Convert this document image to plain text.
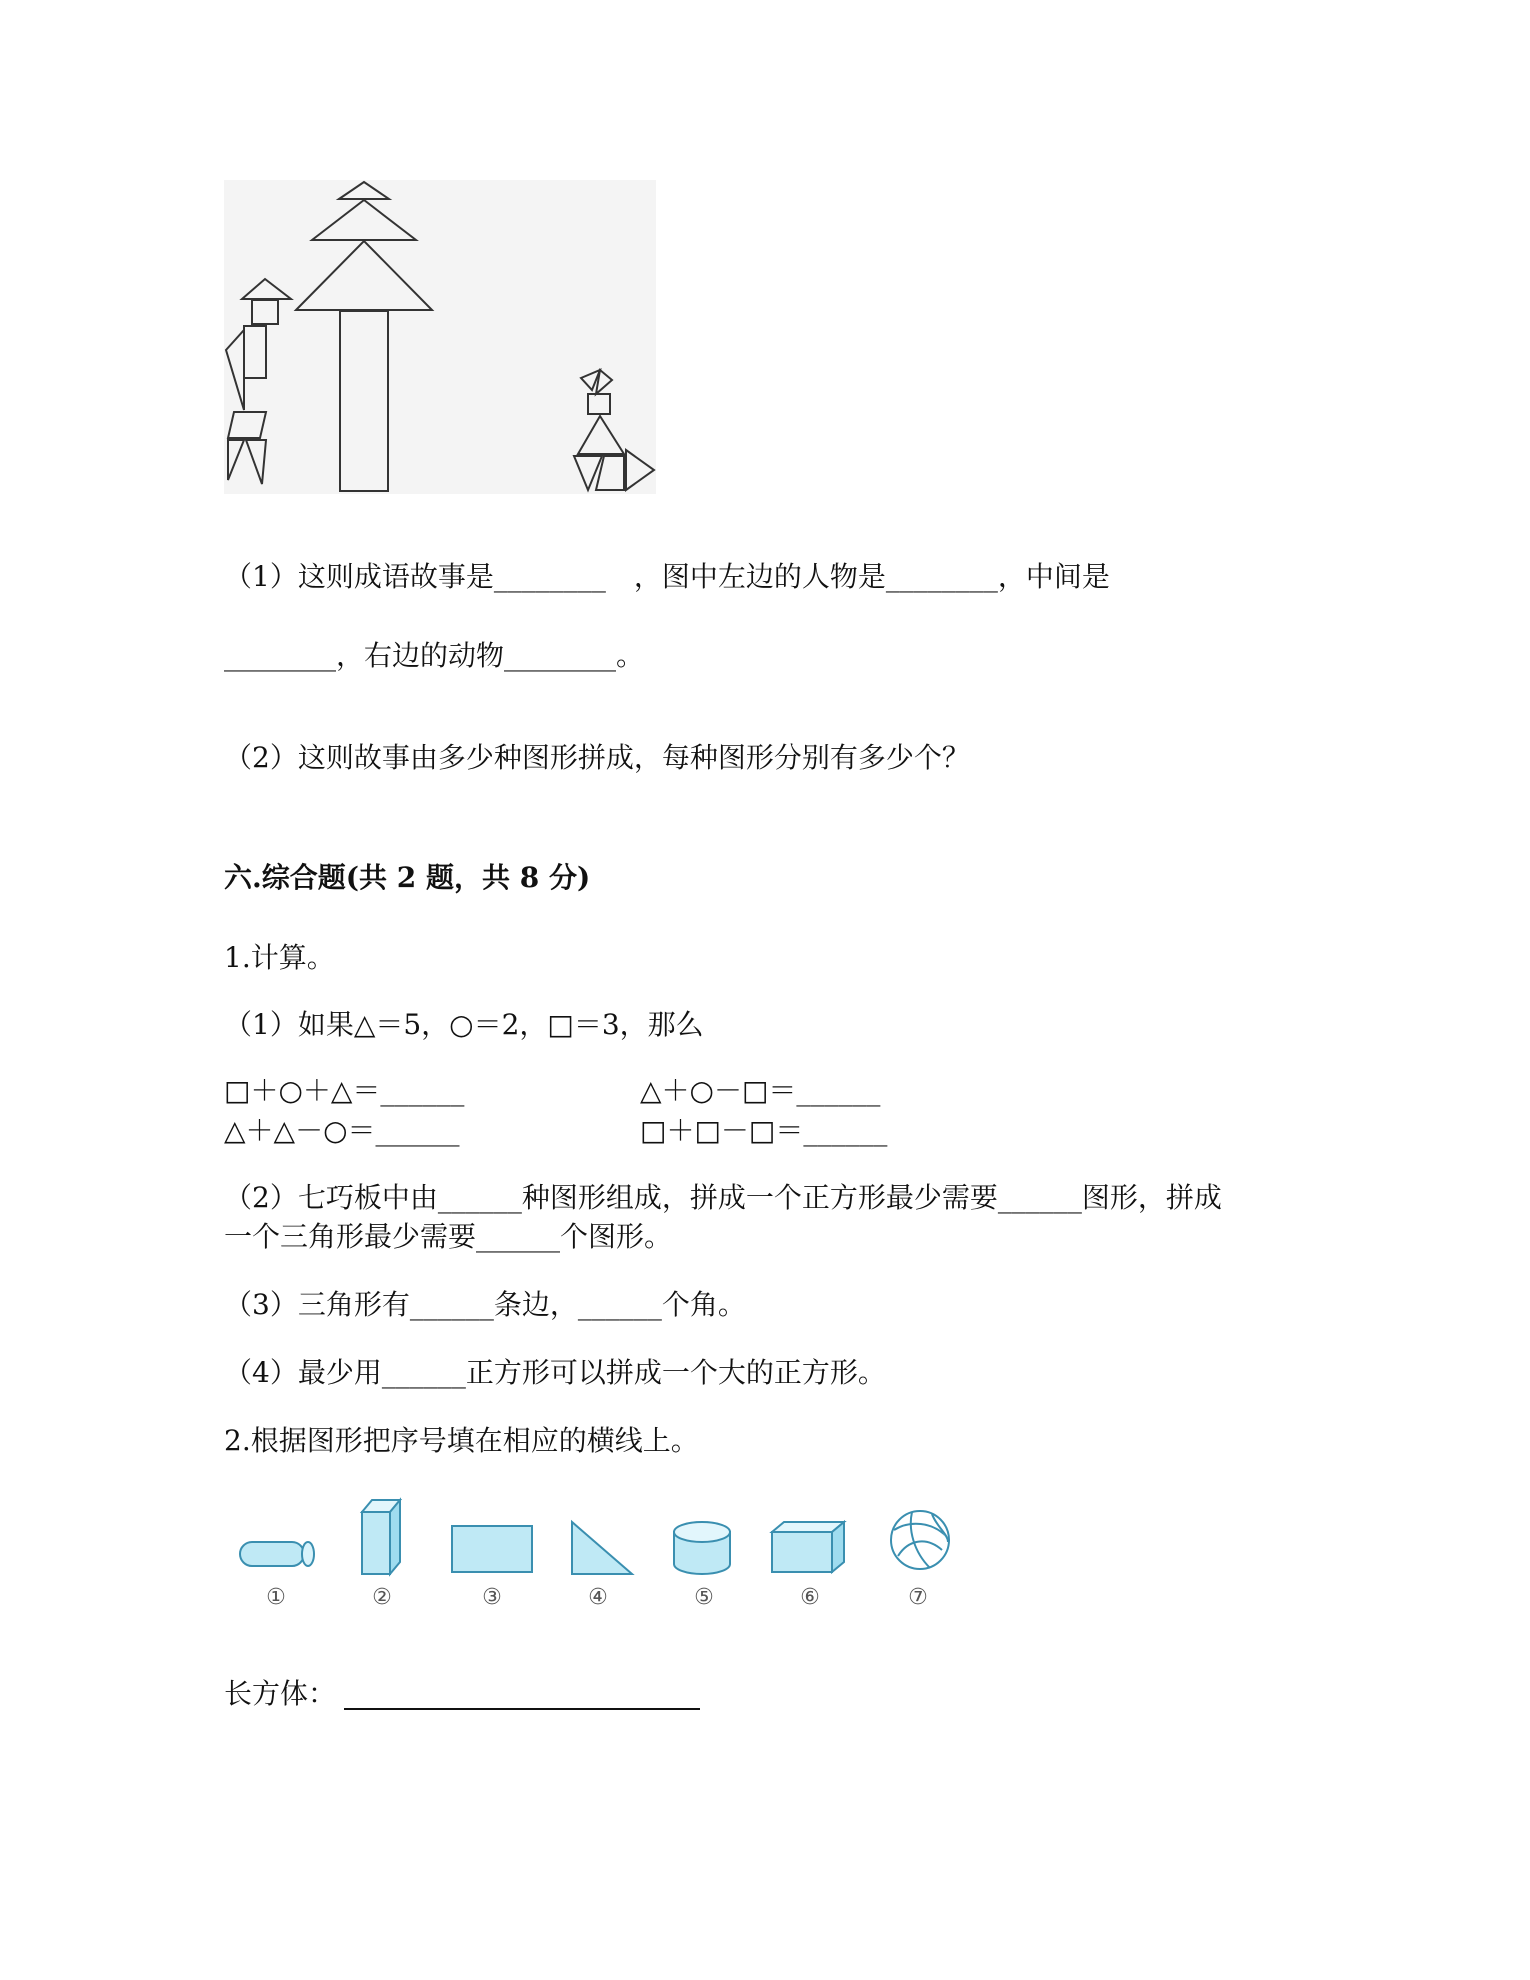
（1）这则成语故事是________　，图中左边的人物是________，中间是
________，右边的动物________。
（2）这则故事由多少种图形拼成，每种图形分别有多少个？
六.综合题(共 2 题，共 8 分)
1.计算。
（1）如果△＝5，○＝2，□＝3，那么
□＋○＋△＝______	△＋○－□＝______
△＋△－○＝______	□＋□－□＝______
（2）七巧板中由______种图形组成，拼成一个正方形最少需要______图形，拼成
一个三角形最少需要______个图形。
（3）三角形有______条边，______个角。
（4）最少用______正方形可以拼成一个大的正方形。
2.根据图形把序号填在相应的横线上。
①	②	③	④	⑤	⑥	⑦
长方体：
